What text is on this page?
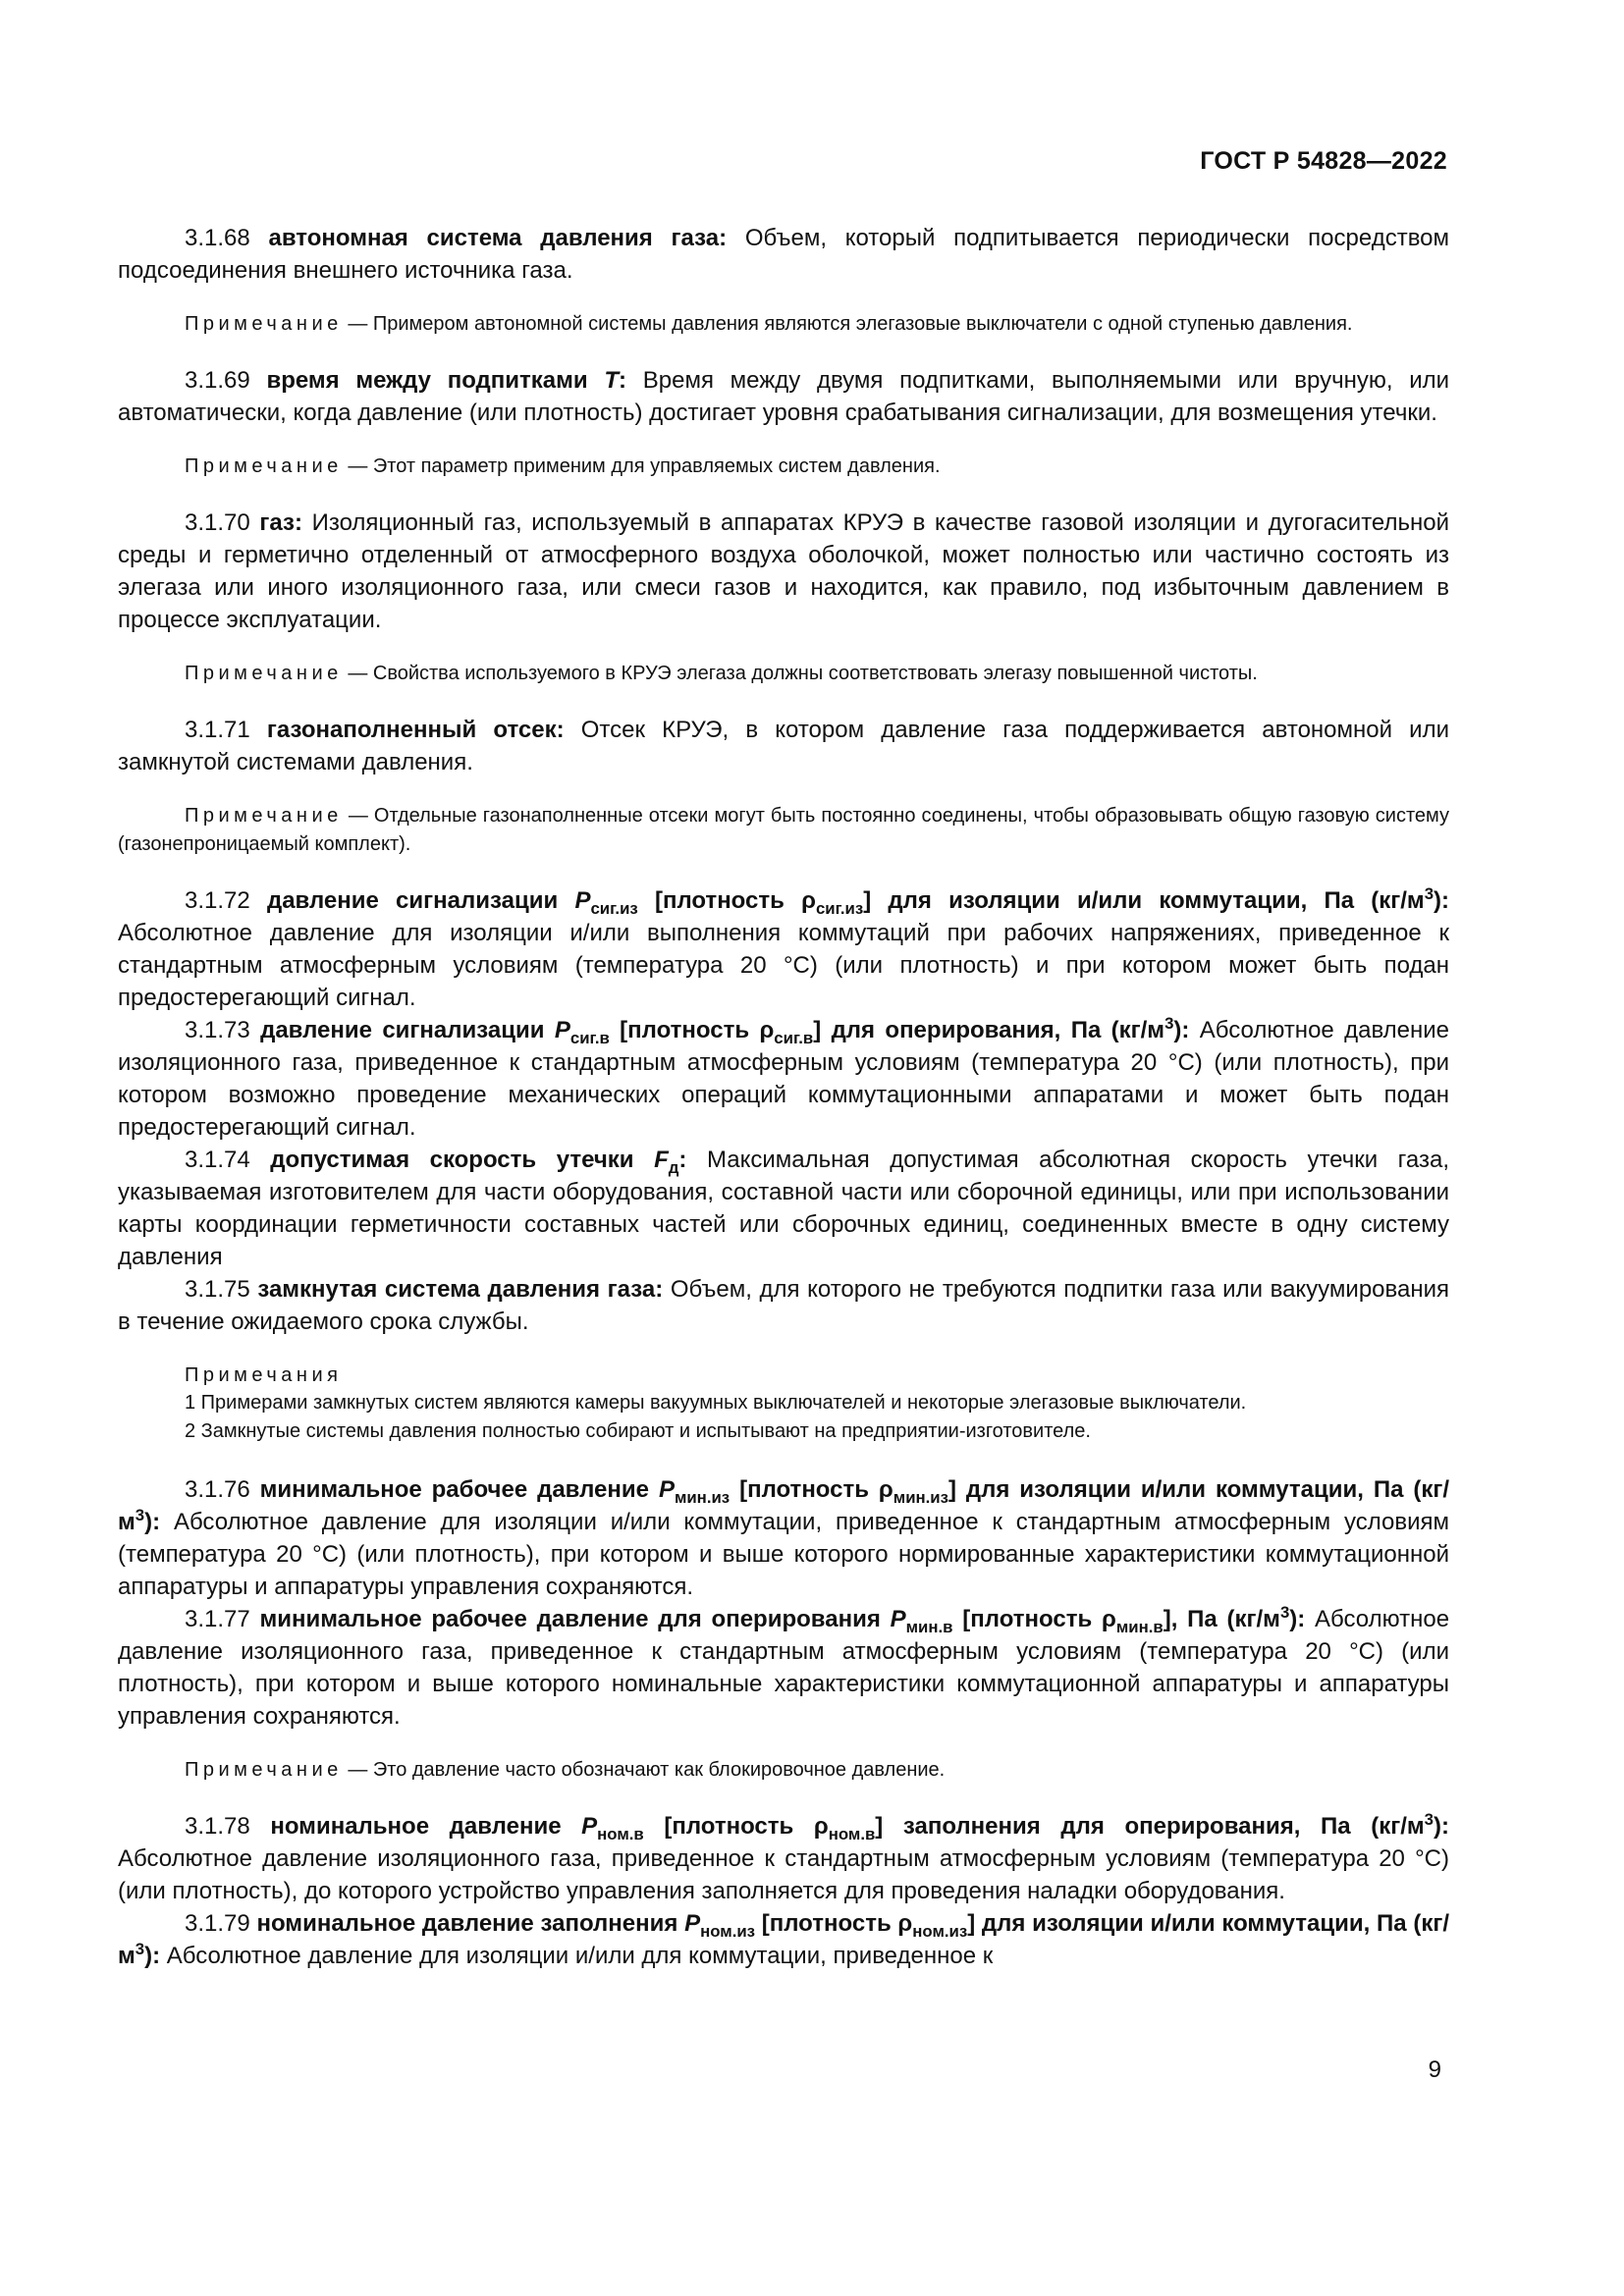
ГОСТ Р 54828—2022

3.1.68 автономная система давления газа: Объем, который подпитывается периодически посредством подсоединения внешнего источника газа.

Примечание — Примером автономной системы давления являются элегазовые выключатели с одной ступенью давления.

3.1.69 время между подпитками T: Время между двумя подпитками, выполняемыми или вручную, или автоматически, когда давление (или плотность) достигает уровня срабатывания сигнализации, для возмещения утечки.

Примечание — Этот параметр применим для управляемых систем давления.

3.1.70 газ: Изоляционный газ, используемый в аппаратах КРУЭ в качестве газовой изоляции и дугогасительной среды и герметично отделенный от атмосферного воздуха оболочкой, может полностью или частично состоять из элегаза или иного изоляционного газа, или смеси газов и находится, как правило, под избыточным давлением в процессе эксплуатации.

Примечание — Свойства используемого в КРУЭ элегаза должны соответствовать элегазу повышенной чистоты.

3.1.71 газонаполненный отсек: Отсек КРУЭ, в котором давление газа поддерживается автономной или замкнутой системами давления.

Примечание — Отдельные газонаполненные отсеки могут быть постоянно соединены, чтобы образовывать общую газовую систему (газонепроницаемый комплект).

3.1.72 давление сигнализации $P_{сиг.из}$ [плотность $\rho_{сиг.из}$] для изоляции и/или коммутации, Па $(кг/м^3)$: Абсолютное давление для изоляции и/или выполнения коммутаций при рабочих напряжениях, приведенное к стандартным атмосферным условиям (температура 20 °С) (или плотность) и при котором может быть подан предостерегающий сигнал.

3.1.73 давление сигнализации $P_{сиг.в}$ [плотность $\rho_{сиг.в}$] для оперирования, Па $(кг/м^3)$: Абсолютное давление изоляционного газа, приведенное к стандартным атмосферным условиям (температура 20 °С) (или плотность), при котором возможно проведение механических операций коммутационными аппаратами и может быть подан предостерегающий сигнал.

3.1.74 допустимая скорость утечки $F_д$: Максимальная допустимая абсолютная скорость утечки газа, указываемая изготовителем для части оборудования, составной части или сборочной единицы, или при использовании карты координации герметичности составных частей или сборочных единиц, соединенных вместе в одну систему давления

3.1.75 замкнутая система давления газа: Объем, для которого не требуются подпитки газа или вакуумирования в течение ожидаемого срока службы.

Примечания

1 Примерами замкнутых систем являются камеры вакуумных выключателей и некоторые элегазовые выключатели.

2 Замкнутые системы давления полностью собирают и испытывают на предприятии-изготовителе.

3.1.76 минимальное рабочее давление $P_{мин.из}$ [плотность $\rho_{мин.из}$] для изоляции и/или коммутации, Па $(кг/м^3)$: Абсолютное давление для изоляции и/или коммутации, приведенное к стандартным атмосферным условиям (температура 20 °С) (или плотность), при котором и выше которого нормированные характеристики коммутационной аппаратуры и аппаратуры управления сохраняются.

3.1.77 минимальное рабочее давление для оперирования $P_{мин.в}$ [плотность $\rho_{мин.в}$], Па $(кг/м^3)$: Абсолютное давление изоляционного газа, приведенное к стандартным атмосферным условиям (температура 20 °С) (или плотность), при котором и выше которого номинальные характеристики коммутационной аппаратуры и аппаратуры управления сохраняются.

Примечание — Это давление часто обозначают как блокировочное давление.

3.1.78 номинальное давление $P_{ном.в}$ [плотность $\rho_{ном.в}$] заполнения для оперирования, Па $(кг/м^3)$: Абсолютное давление изоляционного газа, приведенное к стандартным атмосферным условиям (температура 20 °С) (или плотность), до которого устройство управления заполняется для проведения наладки оборудования.

3.1.79 номинальное давление заполнения $P_{ном.из}$ [плотность $\rho_{ном.из}$] для изоляции и/или коммутации, Па $(кг/м^3)$: Абсолютное давление для изоляции и/или для коммутации, приведенное к

9
